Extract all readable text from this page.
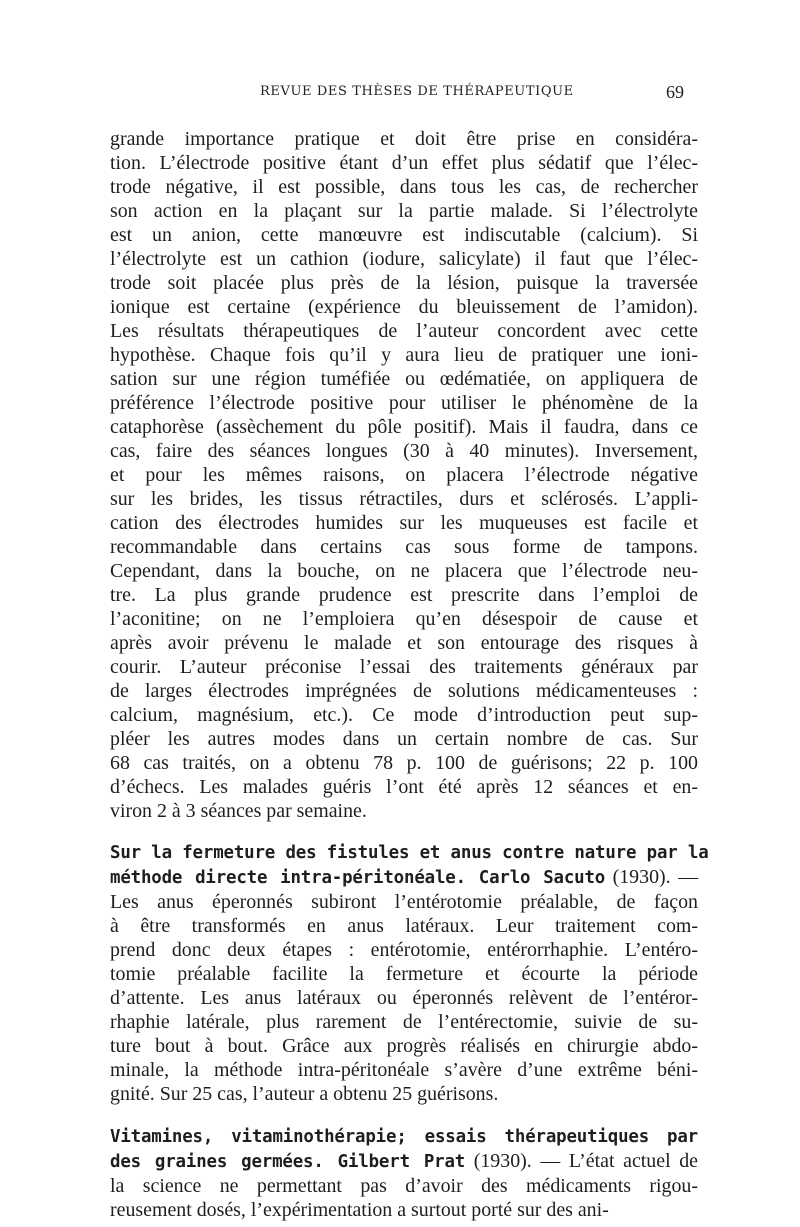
REVUE DES THÈSES DE THÉRAPEUTIQUE	69

grande importance pratique et doit être prise en considéra-
tion. L’électrode positive étant d’un effet plus sédatif que l’élec-
trode négative, il est possible, dans tous les cas, de rechercher
son action en la plaçant sur la partie malade. Si l’électrolyte
est un anion, cette manœuvre est indiscutable (calcium). Si
l’électrolyte est un cathion (iodure, salicylate) il faut que l’élec-
trode soit placée plus près de la lésion, puisque la traversée
ionique est certaine (expérience du bleuissement de l’amidon).
Les résultats thérapeutiques de l’auteur concordent avec cette
hypothèse. Chaque fois qu’il y aura lieu de pratiquer une ioni-
sation sur une région tuméfiée ou œdématiée, on appliquera de
préférence l’électrode positive pour utiliser le phénomène de la
cataphorèse (assèchement du pôle positif). Mais il faudra, dans ce
cas, faire des séances longues (30 à 40 minutes). Inversement,
et pour les mêmes raisons, on placera l’électrode négative
sur les brides, les tissus rétractiles, durs et sclérosés. L’appli-
cation des électrodes humides sur les muqueuses est facile et
recommandable dans certains cas sous forme de tampons.
Cependant, dans la bouche, on ne placera que l’électrode neu-
tre. La plus grande prudence est prescrite dans l’emploi de
l’aconitine; on ne l’emploiera qu’en désespoir de cause et
après avoir prévenu le malade et son entourage des risques à
courir. L’auteur préconise l’essai des traitements généraux par
de larges électrodes imprégnées de solutions médicamenteuses :
calcium, magnésium, etc.). Ce mode d’introduction peut sup-
pléer les autres modes dans un certain nombre de cas. Sur
68 cas traités, on a obtenu 78 p. 100 de guérisons; 22 p. 100
d’échecs. Les malades guéris l’ont été après 12 séances et en-
viron 2 à 3 séances par semaine.

Sur la fermeture des fistules et anus contre nature par la
méthode directe intra-péritonéale. Carlo Sacuto (1930). —
Les anus éperonnés subiront l’entérotomie préalable, de façon
à être transformés en anus latéraux. Leur traitement com-
prend donc deux étapes : entérotomie, entérorrhaphie. L’entéro-
tomie préalable facilite la fermeture et écourte la période
d’attente. Les anus latéraux ou éperonnés relèvent de l’entéror-
rhaphie latérale, plus rarement de l’entérectomie, suivie de su-
ture bout à bout. Grâce aux progrès réalisés en chirurgie abdo-
minale, la méthode intra-péritonéale s’avère d’une extrême béni-
gnité. Sur 25 cas, l’auteur a obtenu 25 guérisons.

Vitamines, vitaminothérapie; essais thérapeutiques par
des graines germées. Gilbert Prat (1930). — L’état actuel de
la science ne permettant pas d’avoir des médicaments rigou-
reusement dosés, l’expérimentation a surtout porté sur des ani-
